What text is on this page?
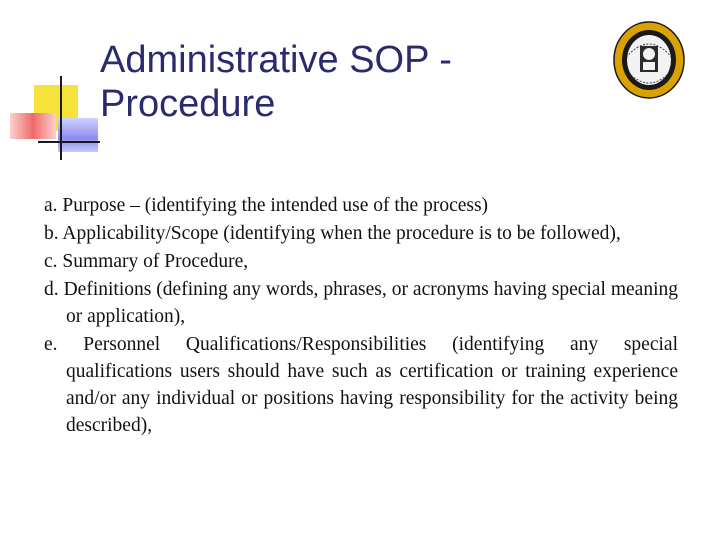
Administrative SOP -
Procedure
a. Purpose – (identifying the intended use of the process)
b. Applicability/Scope (identifying when the procedure is to be followed),
c. Summary of Procedure,
d. Definitions (defining any words, phrases, or acronyms having special meaning or application),
e. Personnel Qualifications/Responsibilities (identifying any special qualifications users should have such as certification or training experience and/or any individual or positions having responsibility for the activity being described),
